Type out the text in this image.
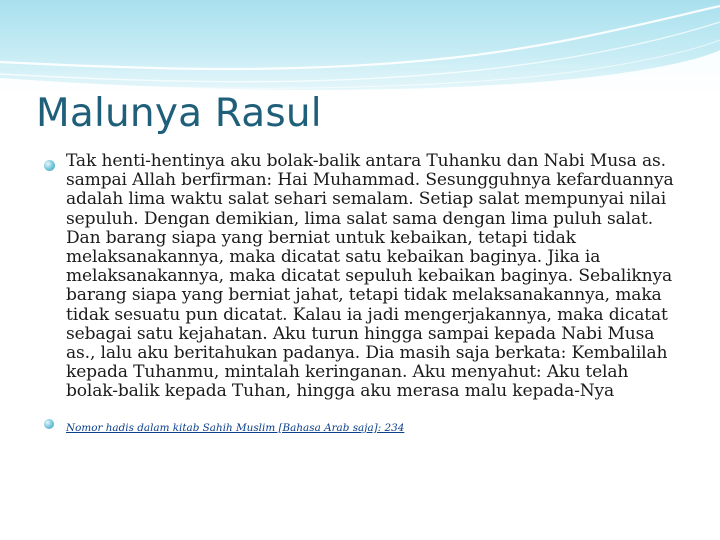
Malunya Rasul
Tak henti-hentinya aku bolak-balik antara Tuhanku dan Nabi Musa as. sampai Allah berfirman: Hai Muhammad. Sesungguhnya kefarduannya adalah lima waktu salat sehari semalam. Setiap salat mempunyai nilai sepuluh. Dengan demikian, lima salat sama dengan lima puluh salat. Dan barang siapa yang berniat untuk kebaikan, tetapi tidak melaksanakannya, maka dicatat satu kebaikan baginya. Jika ia melaksanakannya, maka dicatat sepuluh kebaikan baginya. Sebaliknya barang siapa yang berniat jahat, tetapi tidak melaksanakannya, maka tidak sesuatu pun dicatat. Kalau ia jadi mengerjakannya, maka dicatat sebagai satu kejahatan. Aku turun hingga sampai kepada Nabi Musa as., lalu aku beritahukan padanya. Dia masih saja berkata: Kembalilah kepada Tuhanmu, mintalah keringanan. Aku menyahut: Aku telah bolak-balik kepada Tuhan, hingga aku merasa malu kepada-Nya
Nomor hadis dalam kitab Sahih Muslim [Bahasa Arab saja]: 234
